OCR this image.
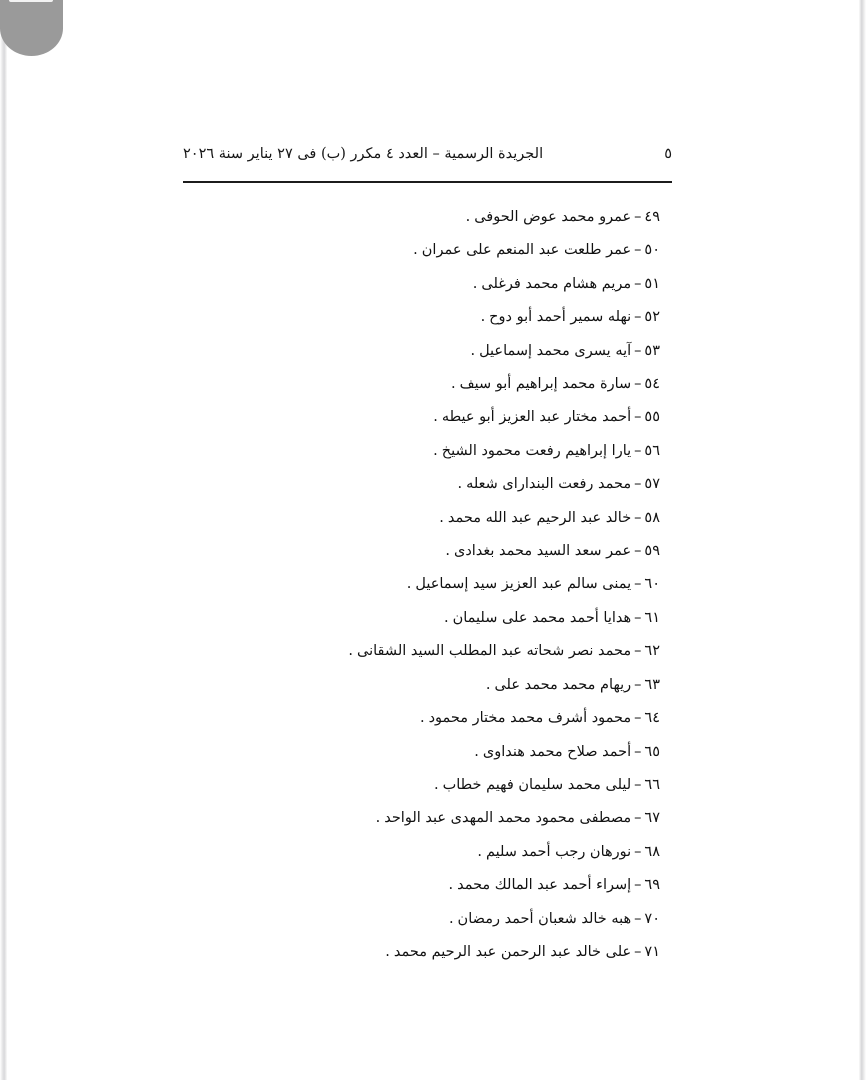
الجريدة الرسمية – العدد ٤ مكرر (ب) فى ٢٧ يناير سنة ٢٠٢٦	٥
٤٩–عمرو محمد عوض الحوفى.
٥٠–عمر طلعت عبد المنعم على عمران.
٥١–مريم هشام محمد فرغلى.
٥٢–نهله سمير أحمد أبو دوح.
٥٣–آيه يسرى محمد إسماعيل.
٥٤–سارة محمد إبراهيم أبو سيف.
٥٥–أحمد مختار عبد العزيز أبو عيطه.
٥٦–يارا إبراهيم رفعت محمود الشيخ.
٥٧–محمد رفعت البنداراى شعله.
٥٨–خالد عبد الرحيم عبد الله محمد.
٥٩–عمر سعد السيد محمد بغدادى.
٦٠–يمنى سالم عبد العزيز سيد إسماعيل.
٦١–هدايا أحمد محمد على سليمان.
٦٢–محمد نصر شحاته عبد المطلب السيد الشقانى.
٦٣–ريهام محمد محمد على.
٦٤–محمود أشرف محمد مختار محمود.
٦٥–أحمد صلاح محمد هنداوى.
٦٦–ليلى محمد سليمان فهيم خطاب.
٦٧–مصطفى محمود محمد المهدى عبد الواحد.
٦٨–نورهان رجب أحمد سليم.
٦٩–إسراء أحمد عبد المالك محمد.
٧٠–هبه خالد شعبان أحمد رمضان.
٧١–على خالد عبد الرحمن عبد الرحيم محمد.
